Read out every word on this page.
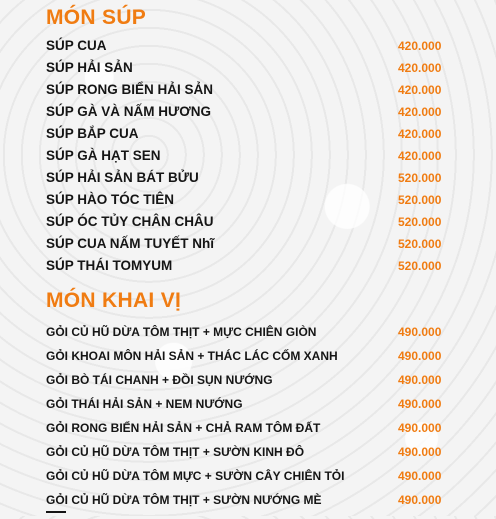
MÓN SÚP
SÚP CUA	420.000
SÚP HẢI SẢN	420.000
SÚP RONG BIỂN HẢI SẢN	420.000
SÚP GÀ VÀ NẤM HƯƠNG	420.000
SÚP BẮP CUA	420.000
SÚP GÀ HẠT SEN	420.000
SÚP HẢI SẢN BÁT BỬU	520.000
SÚP HÀO TÓC TIÊN	520.000
SÚP ÓC TỦY CHÂN CHÂU	520.000
SÚP CUA NẤM TUYẾT Nhĩ	520.000
SÚP THÁI TOMYUM	520.000
MÓN KHAI VỊ
GỎI CỦ HŨ DỪA TÔM THỊT + MỰC CHIÊN GIÒN	490.000
GỎI KHOAI MÔN HẢI SẢN + THÁC LÁC CỐM XANH	490.000
GỎI BÒ TÁI CHANH + ĐỒI SỤN NƯỚNG	490.000
GỎI THÁI HẢI SẢN + NEM NƯỚNG	490.000
GỎI RONG BIỂN HẢI SẢN + CHẢ RAM TÔM ĐẤT	490.000
GỎI CỦ HŨ DỪA TÔM THỊT + SƯỜN KINH ĐÔ	490.000
GỎI CỦ HŨ DỪA TÔM MỰC + SƯỜN CÂY CHIÊN TỎI	490.000
GỎI CỦ HŨ DỪA TÔM THỊT + SƯỜN NƯỚNG MÈ	490.000
